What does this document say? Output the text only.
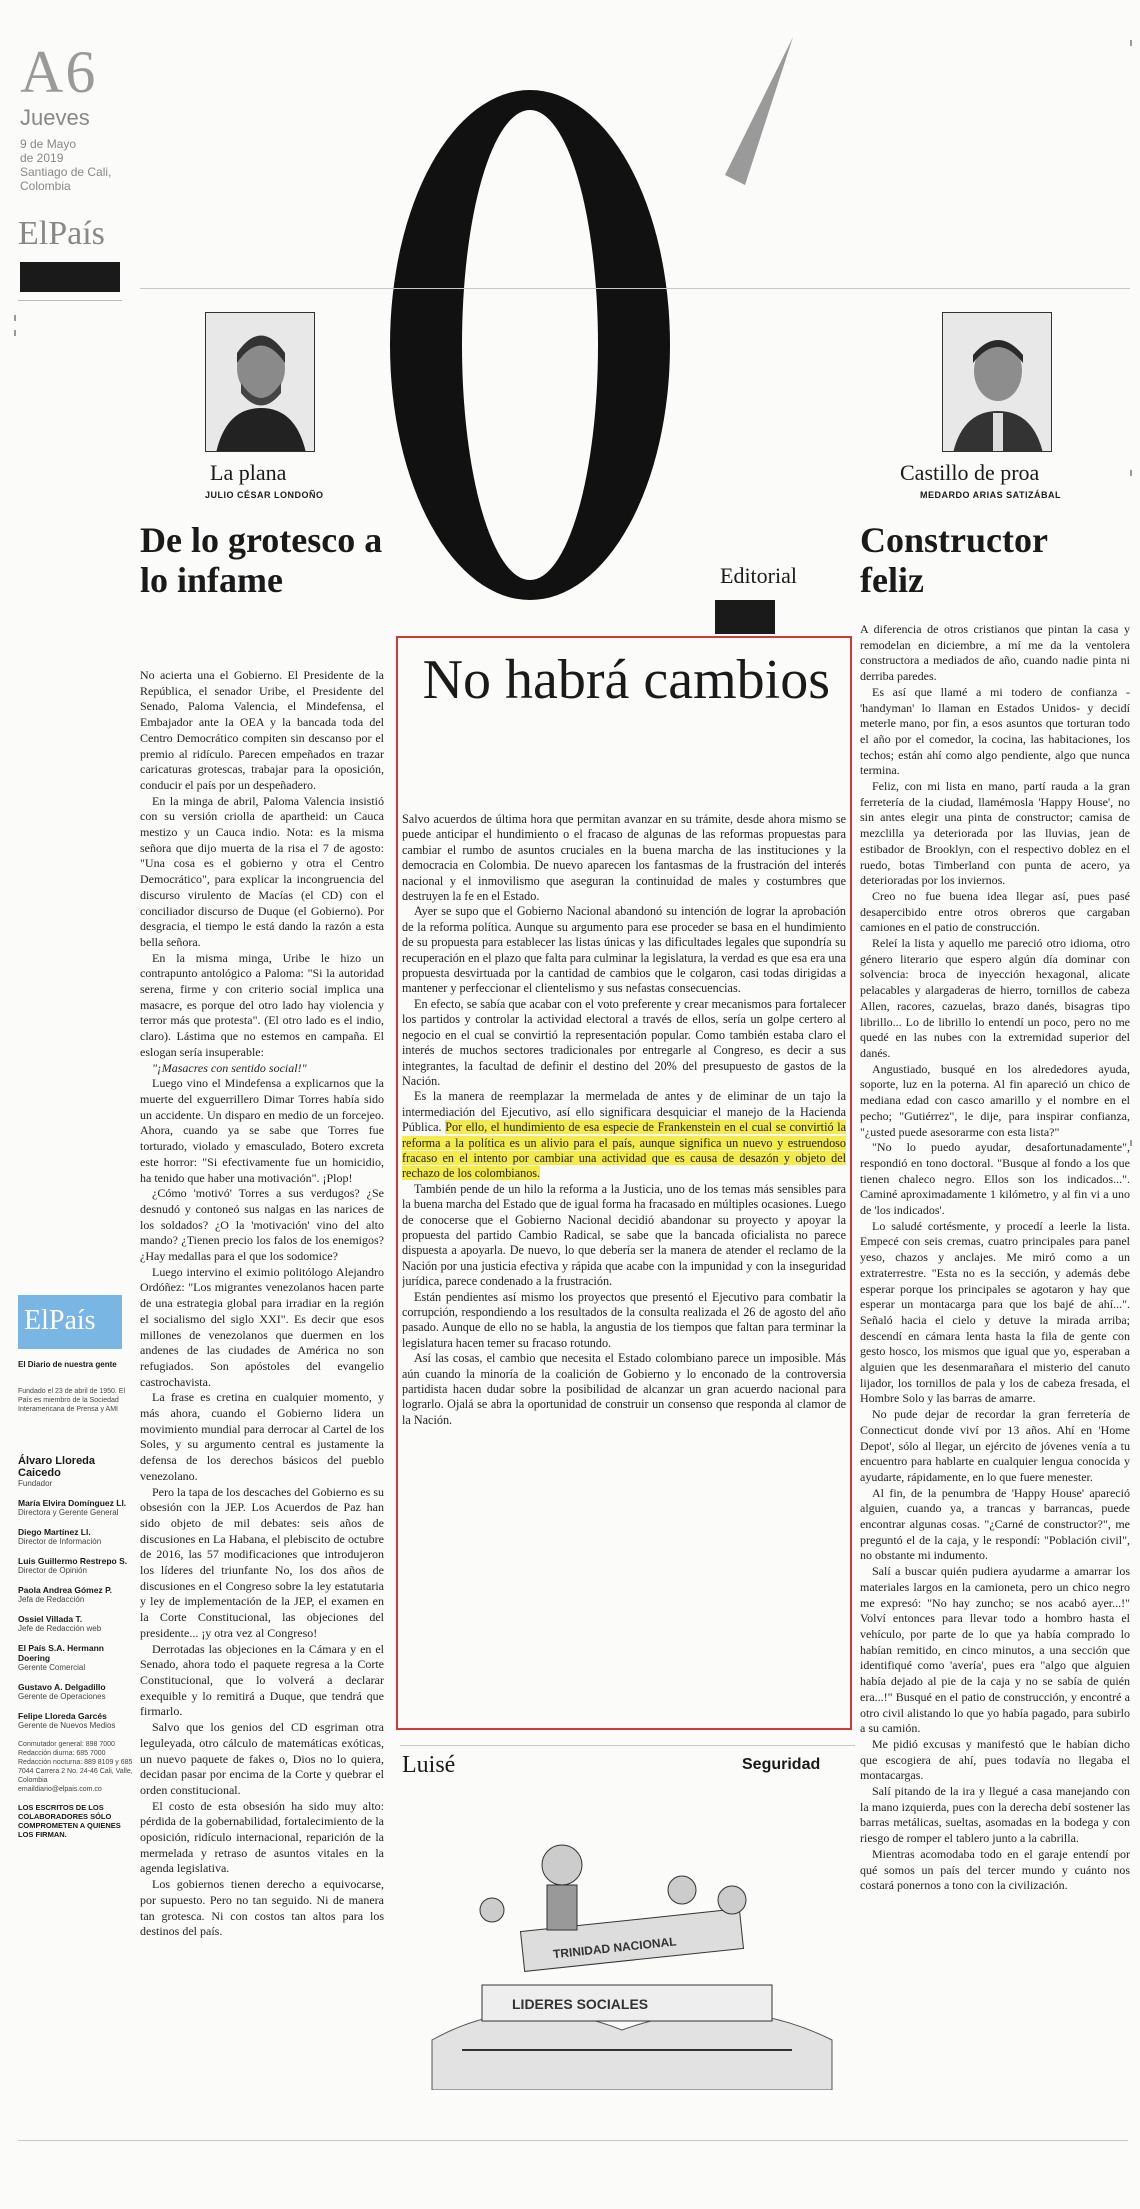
A6
Jueves
9 de Mayo
de 2019
Santiago de Cali,
Colombia
ElPaís
La plana
JULIO CÉSAR LONDOÑO
Castillo de proa
MEDARDO ARIAS SATIZÁBAL
De lo grotesco a lo infame

No acierta una el Gobierno. El Presidente de la República, el senador Uribe, el Presidente del Senado, Paloma Valencia, el Mindefensa, el Embajador ante la OEA y la bancada toda del Centro Democrático compiten sin descanso por el premio al ridículo. Parecen empeñados en trazar caricaturas grotescas, trabajar para la oposición, conducir el país por un despeñadero.

En la minga de abril, Paloma Valencia insistió con su versión criolla de apartheid: un Cauca mestizo y un Cauca indio. Nota: es la misma señora que dijo muerta de la risa el 7 de agosto: "Una cosa es el gobierno y otra el Centro Democrático", para explicar la incongruencia del discurso virulento de Macías (el CD) con el conciliador discurso de Duque (el Gobierno). Por desgracia, el tiempo le está dando la razón a esta bella señora.

En la misma minga, Uribe le hizo un contrapunto antológico a Paloma: "Si la autoridad serena, firme y con criterio social implica una masacre, es porque del otro lado hay violencia y terror más que protesta". (El otro lado es el indio, claro). Lástima que no estemos en campaña. El eslogan sería insuperable:

"¡Masacres con sentido social!"

Luego vino el Mindefensa a explicarnos que la muerte del exguerrillero Dimar Torres había sido un accidente. Un disparo en medio de un forcejeo. Ahora, cuando ya se sabe que Torres fue torturado, violado y emasculado, Botero excreta este horror: "Si efectivamente fue un homicidio, ha tenido que haber una motivación". ¡Plop!

¿Cómo 'motivó' Torres a sus verdugos? ¿Se desnudó y contoneó sus nalgas en las narices de los soldados? ¿O la 'motivación' vino del alto mando? ¿Tienen precio los falos de los enemigos? ¿Hay medallas para el que los sodomice?

Luego intervino el eximio politólogo Alejandro Ordóñez: "Los migrantes venezolanos hacen parte de una estrategia global para irradiar en la región el socialismo del siglo XXI". Es decir que esos millones de venezolanos que duermen en los andenes de las ciudades de América no son refugiados. Son apóstoles del evangelio castrochavista.

La frase es cretina en cualquier momento, y más ahora, cuando el Gobierno lidera un movimiento mundial para derrocar al Cartel de los Soles, y su argumento central es justamente la defensa de los derechos básicos del pueblo venezolano.

Pero la tapa de los descaches del Gobierno es su obsesión con la JEP. Los Acuerdos de Paz han sido objeto de mil debates: seis años de discusiones en La Habana, el plebiscito de octubre de 2016, las 57 modificaciones que introdujeron los líderes del triunfante No, los dos años de discusiones en el Congreso sobre la ley estatutaria y ley de implementación de la JEP, el examen en la Corte Constitucional, las objeciones del presidente... ¡y otra vez al Congreso!

Derrotadas las objeciones en la Cámara y en el Senado, ahora todo el paquete regresa a la Corte Constitucional, que lo volverá a declarar exequible y lo remitirá a Duque, que tendrá que firmarlo.

Salvo que los genios del CD esgriman otra leguleyada, otro cálculo de matemáticas exóticas, un nuevo paquete de fakes o, Dios no lo quiera, decidan pasar por encima de la Corte y quebrar el orden constitucional.

El costo de esta obsesión ha sido muy alto: pérdida de la gobernabilidad, fortalecimiento de la oposición, ridículo internacional, reparición de la mermelada y retraso de asuntos vitales en la agenda legislativa.

Los gobiernos tienen derecho a equivocarse, por supuesto. Pero no tan seguido. Ni de manera tan grotesca. Ni con costos tan altos para los destinos del país.

Editorial
No habrá cambios

Salvo acuerdos de última hora que permitan avanzar en su trámite, desde ahora mismo se puede anticipar el hundimiento o el fracaso de algunas de las reformas propuestas para cambiar el rumbo de asuntos cruciales en la buena marcha de las instituciones y la democracia en Colombia. De nuevo aparecen los fantasmas de la frustración del interés nacional y el inmovilismo que aseguran la continuidad de males y costumbres que destruyen la fe en el Estado.

Ayer se supo que el Gobierno Nacional abandonó su intención de lograr la aprobación de la reforma política. Aunque su argumento para ese proceder se basa en el hundimiento de su propuesta para establecer las listas únicas y las dificultades legales que supondría su recuperación en el plazo que falta para culminar la legislatura, la verdad es que esa era una propuesta desvirtuada por la cantidad de cambios que le colgaron, casi todas dirigidas a mantener y perfeccionar el clientelismo y sus nefastas consecuencias.

En efecto, se sabía que acabar con el voto preferente y crear mecanismos para fortalecer los partidos y controlar la actividad electoral a través de ellos, sería un golpe certero al negocio en el cual se convirtió la representación popular. Como también estaba claro el interés de muchos sectores tradicionales por entregarle al Congreso, es decir a sus integrantes, la facultad de definir el destino del 20% del presupuesto de gastos de la Nación.

Es la manera de reemplazar la mermelada de antes y de eliminar de un tajo la intermediación del Ejecutivo, así ello significara desquiciar el manejo de la Hacienda Pública. Por ello, el hundimiento de esa especie de Frankenstein en el cual se convirtió la reforma a la política es un alivio para el país, aunque significa un nuevo y estruendoso fracaso en el intento por cambiar una actividad que es causa de desazón y objeto del rechazo de los colombianos.

También pende de un hilo la reforma a la Justicia, uno de los temas más sensibles para la buena marcha del Estado que de igual forma ha fracasado en múltiples ocasiones. Luego de conocerse que el Gobierno Nacional decidió abandonar su proyecto y apoyar la propuesta del partido Cambio Radical, se sabe que la bancada oficialista no parece dispuesta a apoyarla. De nuevo, lo que debería ser la manera de atender el reclamo de la Nación por una justicia efectiva y rápida que acabe con la impunidad y con la inseguridad jurídica, parece condenado a la frustración.

Están pendientes así mismo los proyectos que presentó el Ejecutivo para combatir la corrupción, respondiendo a los resultados de la consulta realizada el 26 de agosto del año pasado. Aunque de ello no se habla, la angustia de los tiempos que faltan para terminar la legislatura hacen temer su fracaso rotundo.

Así las cosas, el cambio que necesita el Estado colombiano parece un imposible. Más aún cuando la minoría de la coalición de Gobierno y lo enconado de la controversia partidista hacen dudar sobre la posibilidad de alcanzar un gran acuerdo nacional para lograrlo. Ojalá se abra la oportunidad de construir un consenso que responda al clamor de la Nación.

Luisé	Seguridad
TRINIDAD NACIONAL
LIDERES SOCIALES
Constructor feliz

A diferencia de otros cristianos que pintan la casa y remodelan en diciembre, a mí me da la ventolera constructora a mediados de año, cuando nadie pinta ni derriba paredes.

Es así que llamé a mi todero de confianza -'handyman' lo llaman en Estados Unidos- y decidí meterle mano, por fin, a esos asuntos que torturan todo el año por el comedor, la cocina, las habitaciones, los techos; están ahí como algo pendiente, algo que nunca termina.

Feliz, con mi lista en mano, partí rauda a la gran ferretería de la ciudad, llamémosla 'Happy House', no sin antes elegir una pinta de constructor; camisa de mezclilla ya deteriorada por las lluvias, jean de estibador de Brooklyn, con el respectivo doblez en el ruedo, botas Timberland con punta de acero, ya deterioradas por los inviernos.

Creo no fue buena idea llegar así, pues pasé desapercibido entre otros obreros que cargaban camiones en el patio de construcción.

Releí la lista y aquello me pareció otro idioma, otro género literario que espero algún día dominar con solvencia: broca de inyección hexagonal, alicate pelacables y alargaderas de hierro, tornillos de cabeza Allen, racores, cazuelas, brazo danés, bisagras tipo librillo... Lo de librillo lo entendí un poco, pero no me quedé en las nubes con la extremidad superior del danés.

Angustiado, busqué en los alrededores ayuda, soporte, luz en la poterna. Al fin apareció un chico de mediana edad con casco amarillo y el nombre en el pecho; "Gutiérrez", le dije, para inspirar confianza, "¿usted puede asesorarme con esta lista?"

"No lo puedo ayudar, desafortunadamente", respondió en tono doctoral. "Busque al fondo a los que tienen chaleco negro. Ellos son los indicados...". Caminé aproximadamente 1 kilómetro, y al fin vi a uno de 'los indicados'.

Lo saludé cortésmente, y procedí a leerle la lista. Empecé con seis cremas, cuatro principales para panel yeso, chazos y anclajes. Me miró como a un extraterrestre. "Esta no es la sección, y además debe esperar porque los principales se agotaron y hay que esperar un montacarga para que los bajé de ahí...". Señaló hacia el cielo y detuve la mirada arriba; descendí en cámara lenta hasta la fila de gente con gesto hosco, los mismos que igual que yo, esperaban a alguien que les desenmarañara el misterio del canuto lijador, los tornillos de pala y los de cabeza fresada, el Hombre Solo y las barras de amarre.

No pude dejar de recordar la gran ferretería de Connecticut donde viví por 13 años. Ahí en 'Home Depot', sólo al llegar, un ejército de jóvenes venía a tu encuentro para hablarte en cualquier lengua conocida y ayudarte, rápidamente, en lo que fuere menester.

Al fin, de la penumbra de 'Happy House' apareció alguien, cuando ya, a trancas y barrancas, puede encontrar algunas cosas. "¿Carné de constructor?", me preguntó el de la caja, y le respondí: "Población civil", no obstante mi indumento.

Salí a buscar quién pudiera ayudarme a amarrar los materiales largos en la camioneta, pero un chico negro me expresó: "No hay zuncho; se nos acabó ayer...!" Volví entonces para llevar todo a hombro hasta el vehículo, por parte de lo que ya había comprado lo habían remitido, en cinco minutos, a una sección que identifiqué como 'avería', pues era "algo que alguien había dejado al pie de la caja y no se sabía de quién era...!" Busqué en el patio de construcción, y encontré a otro civil alistando lo que yo había pagado, para subirlo a su camión.

Me pidió excusas y manifestó que le habían dicho que escogiera de ahí, pues todavía no llegaba el montacargas.

Salí pitando de la ira y llegué a casa manejando con la mano izquierda, pues con la derecha debí sostener las barras metálicas, sueltas, asomadas en la bodega y con riesgo de romper el tablero junto a la cabrilla.

Mientras acomodaba todo en el garaje entendí por qué somos un país del tercer mundo y cuánto nos costará ponernos a tono con la civilización.

ElPaís
El Diario de nuestra gente
Fundado el 23 de abril de 1950. El País es miembro de la Sociedad Interamericana de Prensa y AMI
Álvaro Lloreda Caicedo
Fundador
María Elvira Domínguez Ll.
Directora y Gerente General
Diego Martínez Ll.
Director de Información
Luis Guillermo Restrepo S.
Director de Opinión
Paola Andrea Gómez P.
Jefa de Redacción
Ossiel Villada T.
Jefe de Redacción web
El País S.A. Hermann Doering
Gerente Comercial
Gustavo A. Delgadillo
Gerente de Operaciones
Felipe Lloreda Garcés
Gerente de Nuevos Medios
Conmutador general: 898 7000 Redacción diurna: 685 7000 Redacción nocturna: 889 8109 y 685 7044 Carrera 2 No. 24-46 Cali, Valle, Colombia emaildiario@elpais.com.co
LOS ESCRITOS DE LOS COLABORADORES SÓLO COMPROMETEN A QUIENES LOS FIRMAN.
